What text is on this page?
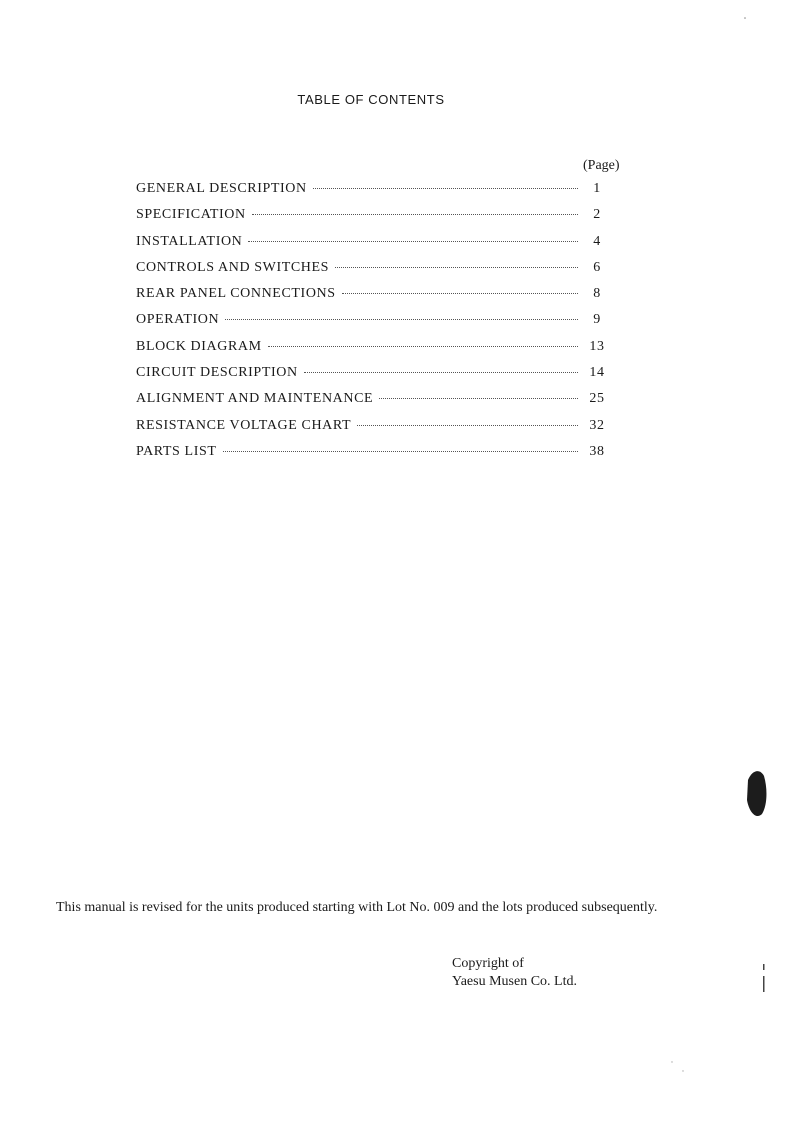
TABLE OF CONTENTS
(Page)
GENERAL DESCRIPTION	1
SPECIFICATION	2
INSTALLATION	4
CONTROLS AND SWITCHES	6
REAR PANEL CONNECTIONS	8
OPERATION	9
BLOCK DIAGRAM	13
CIRCUIT DESCRIPTION	14
ALIGNMENT AND MAINTENANCE	25
RESISTANCE VOLTAGE CHART	32
PARTS LIST	38
This manual is revised for the units produced starting with Lot No. 009 and the lots produced subsequently.
Copyright of
Yaesu Musen Co. Ltd.
